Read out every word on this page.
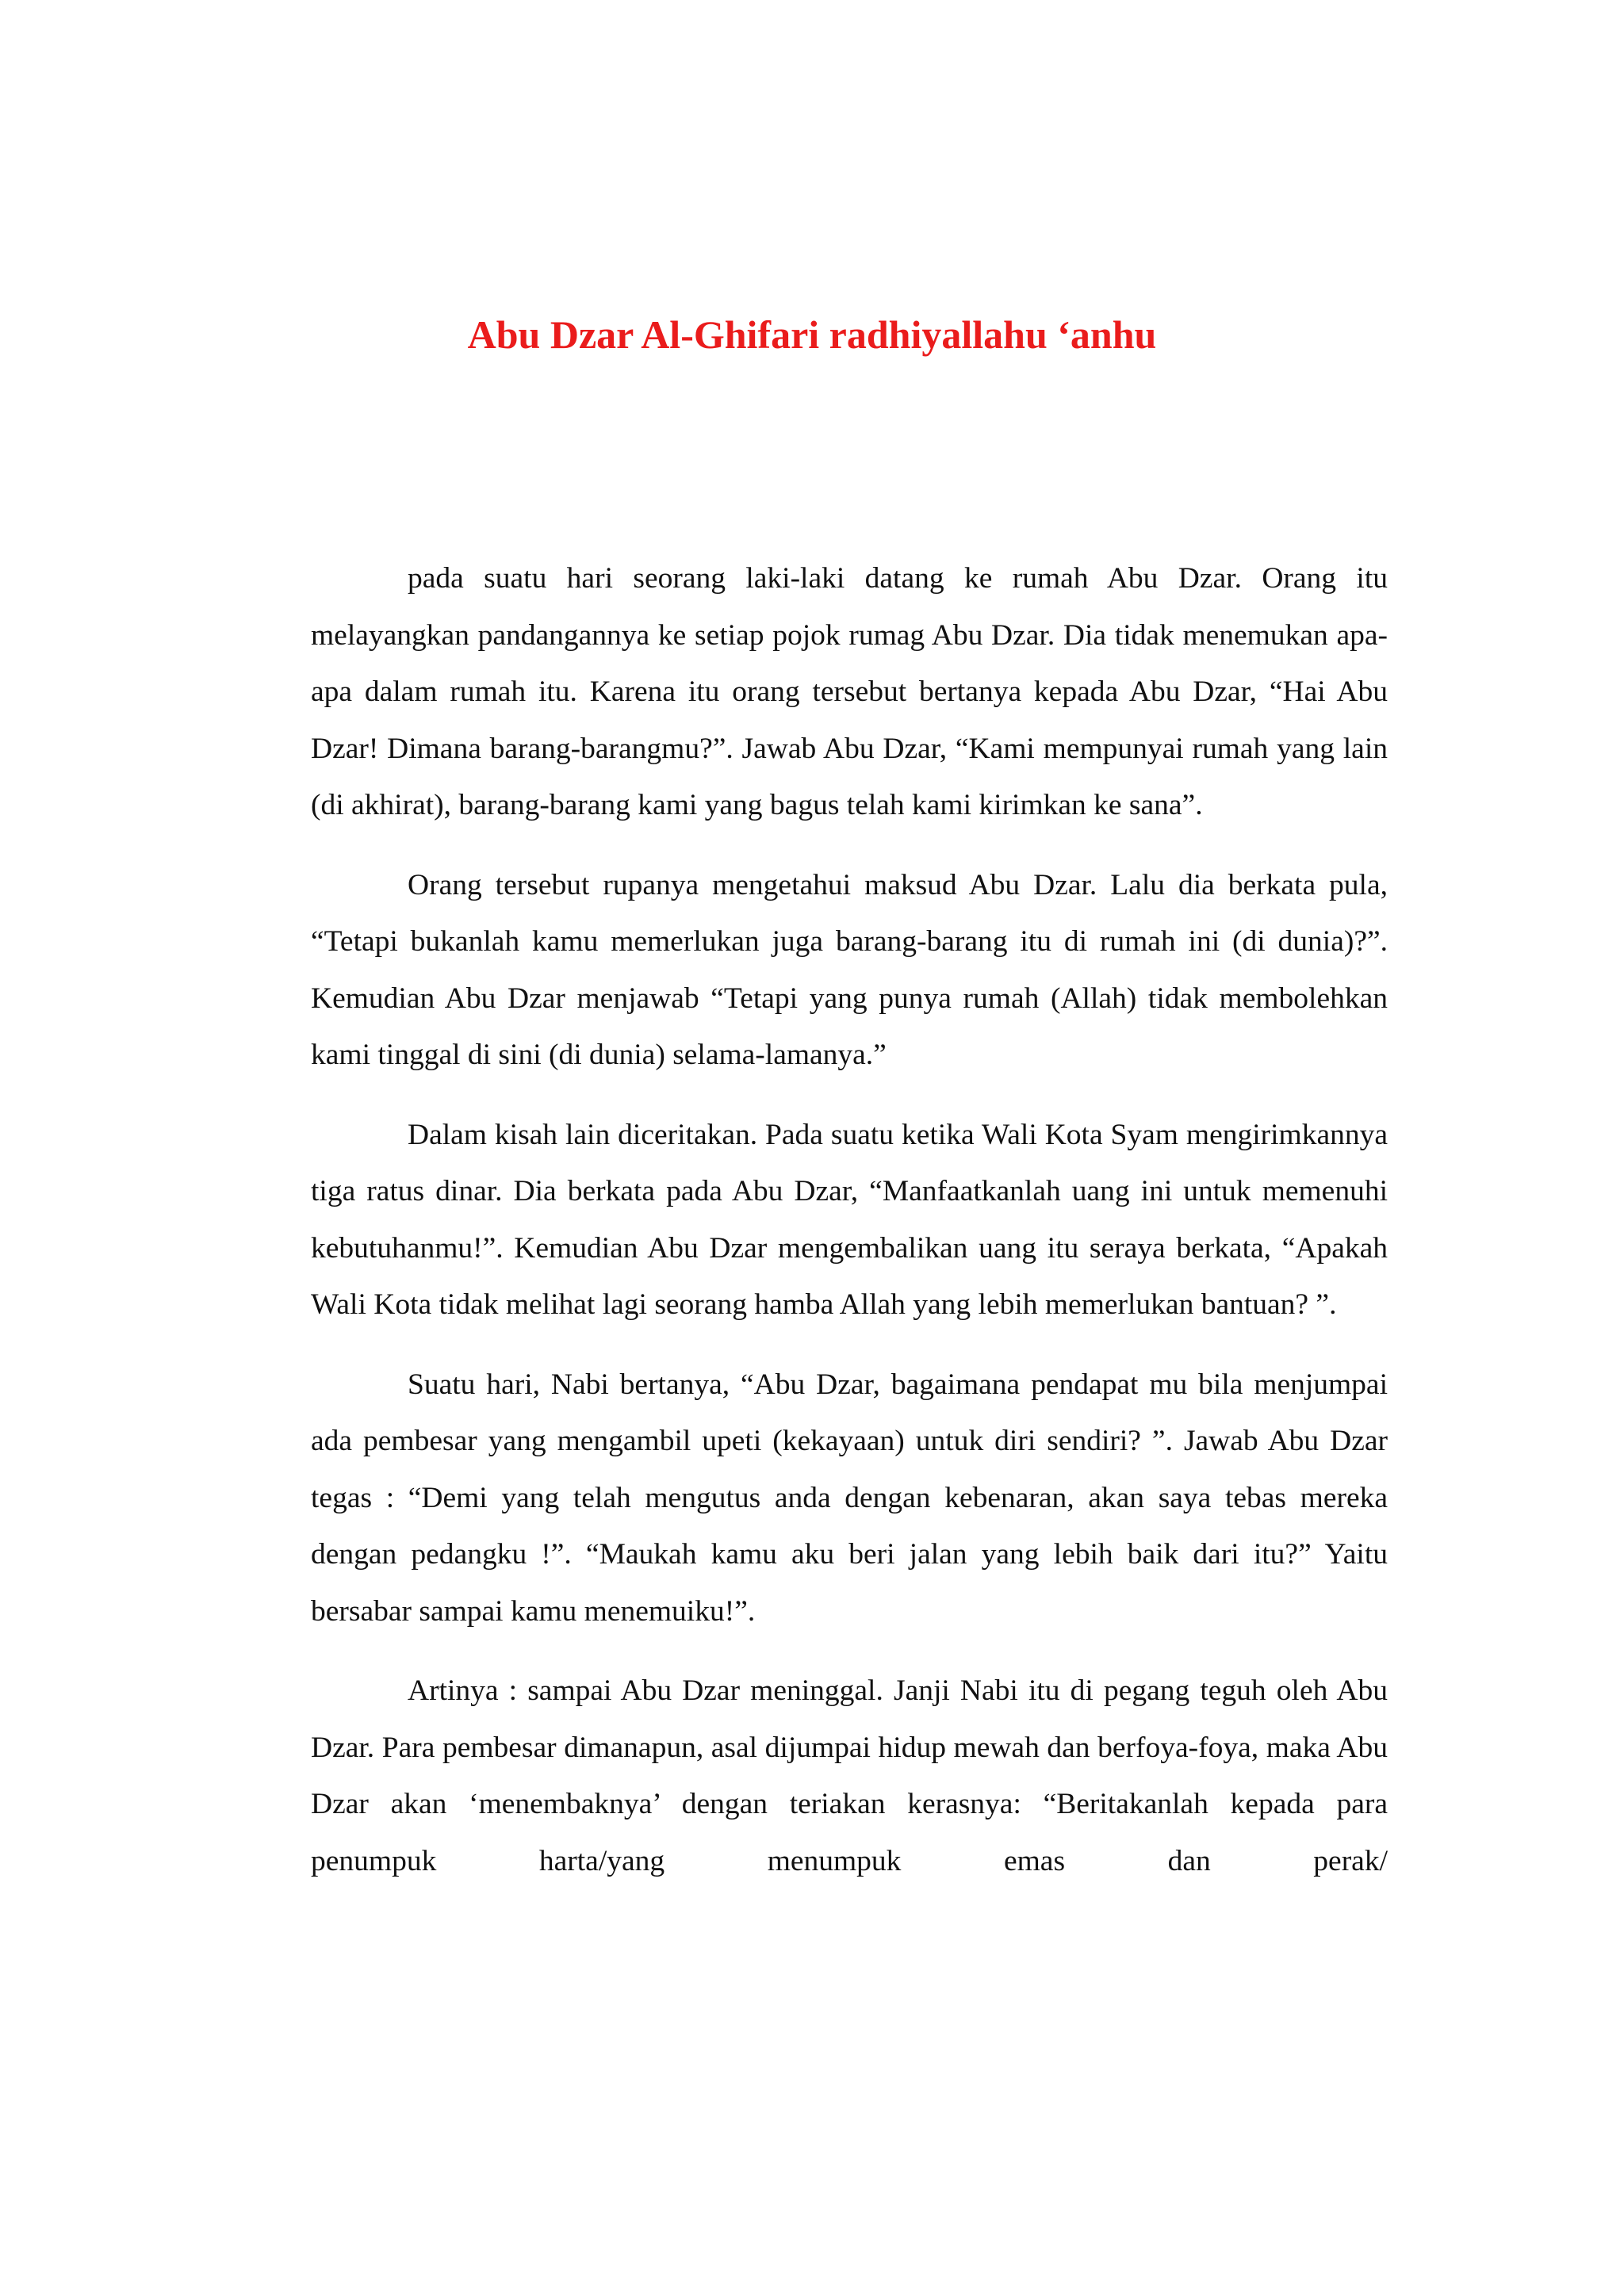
Abu Dzar Al-Ghifari radhiyallahu ‘anhu

pada suatu hari seorang laki-laki datang ke rumah Abu Dzar. Orang itu melayangkan pandangannya ke setiap pojok rumag Abu Dzar. Dia tidak menemukan apa-apa dalam rumah itu. Karena itu orang tersebut bertanya kepada Abu Dzar, “Hai Abu Dzar! Dimana barang-barangmu?”. Jawab Abu Dzar, “Kami mempunyai rumah yang lain (di akhirat), barang-barang kami yang bagus telah kami kirimkan ke sana”.

Orang tersebut rupanya mengetahui maksud Abu Dzar. Lalu dia berkata pula, “Tetapi bukanlah kamu memerlukan juga barang-barang itu di rumah ini (di dunia)?”. Kemudian Abu Dzar menjawab “Tetapi yang punya rumah (Allah) tidak membolehkan kami tinggal di sini (di dunia) selama-lamanya.”

Dalam kisah lain diceritakan. Pada suatu ketika Wali Kota Syam mengirimkannya tiga ratus dinar. Dia berkata pada Abu Dzar, “Manfaatkanlah uang ini untuk memenuhi kebutuhanmu!”. Kemudian Abu Dzar mengembalikan uang itu seraya berkata, “Apakah Wali Kota tidak melihat lagi seorang hamba Allah yang lebih memerlukan bantuan? ”.

Suatu hari, Nabi bertanya, “Abu Dzar, bagaimana pendapat mu bila menjumpai ada pembesar yang mengambil upeti (kekayaan) untuk diri sendiri? ”. Jawab Abu Dzar tegas : “Demi yang telah mengutus anda dengan kebenaran, akan saya tebas mereka dengan pedangku !”. “Maukah kamu aku beri jalan yang lebih baik dari itu?” Yaitu bersabar sampai kamu menemuiku!”.

Artinya : sampai Abu Dzar meninggal. Janji Nabi itu di pegang teguh oleh Abu Dzar. Para pembesar dimanapun, asal dijumpai hidup mewah dan berfoya-foya, maka Abu Dzar akan ‘menembaknya’ dengan teriakan kerasnya: “Beritakanlah kepada para penumpuk harta/yang menumpuk emas dan perak/
